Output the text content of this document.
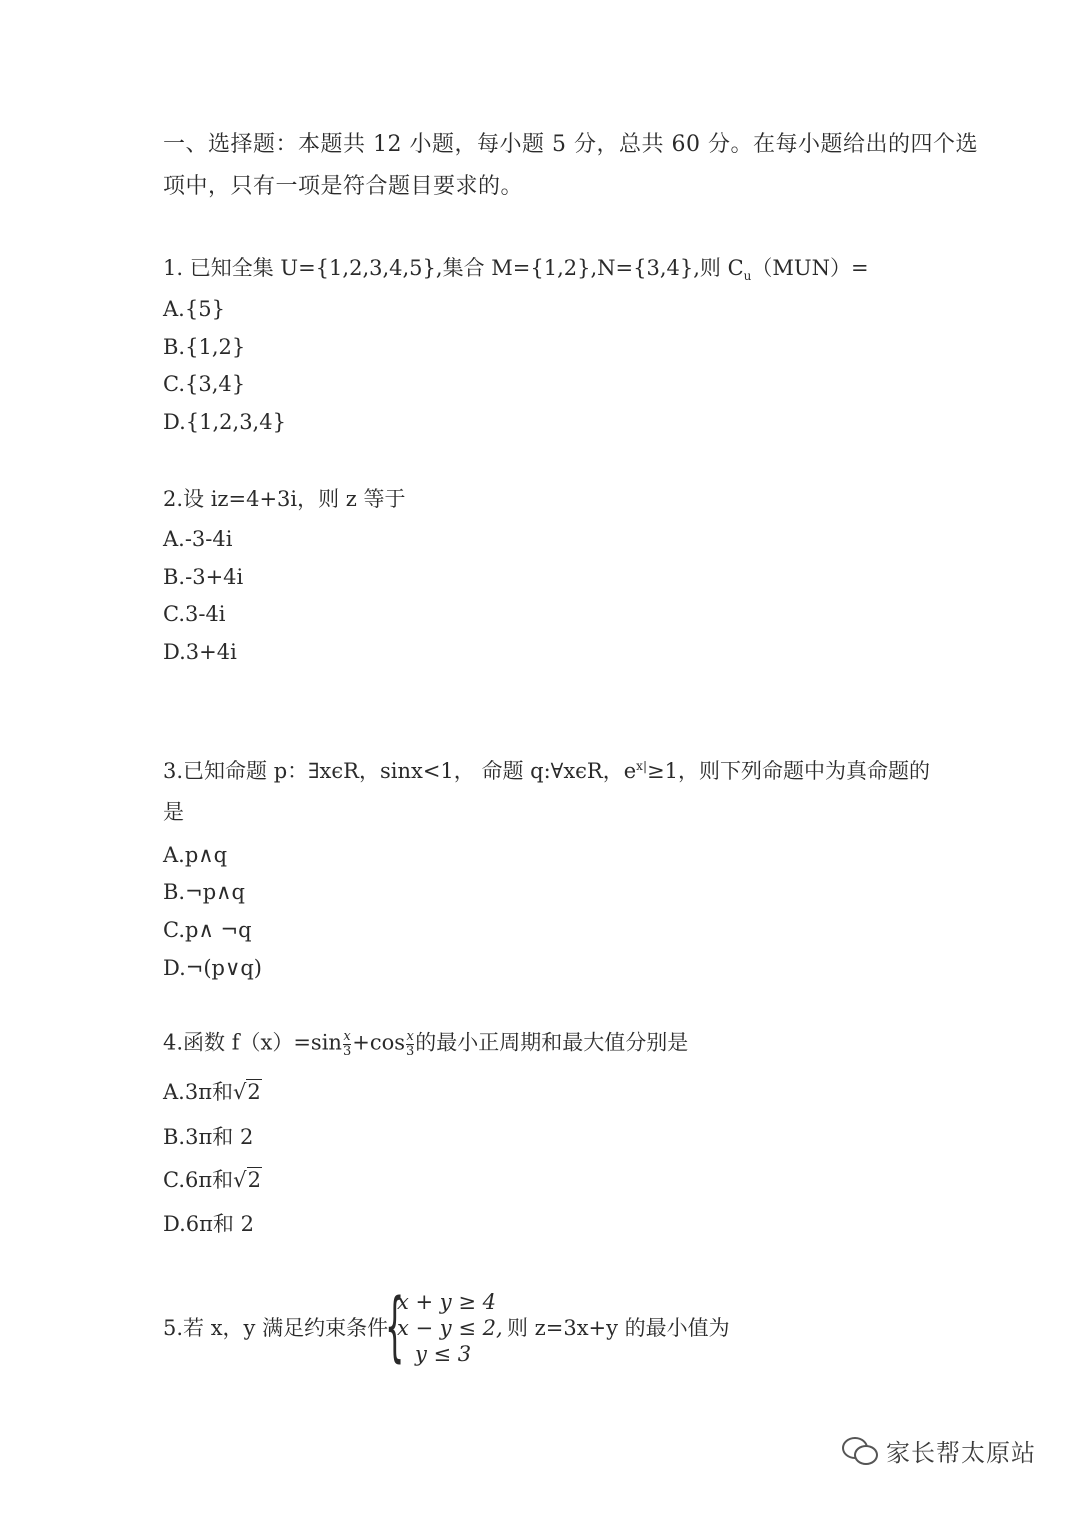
一、选择题：本题共 12 小题，每小题 5 分，总共 60 分。在每小题给出的四个选
项中，只有一项是符合题目要求的。
1. 已知全集 U={1,2,3,4,5},集合 M={1,2},N={3,4},则 $C_u(MUN)=$
A.{5}
B.{1,2}
C.{3,4}
D.{1,2,3,4}
2.设 iz=4+3i，则 z 等于
A.-3-4i
B.-3+4i
C.3-4i
D.3+4i
3.已知命题 p：∃xϵR，sinx<1， 命题 q:∀xϵR，$e^{x|}\ge 1$，则下列命题中为真命题的
是
A.p∧q
B.¬p∧q
C.p∧ ¬q
D.¬(p∨q)
4.函数 $f(x)=\sin \frac{x}{3} +\cos \frac{x}{3}$ 的最小正周期和最大值分别是
A.3π和√2
B.3π和 2
C.6π和√2
D.6π和 2
5.若 x，y 满足约束条件
{
x + y ≥ 4
x − y ≤ 2,
y ≤ 3
则 z=3x+y 的最小值为
家长帮太原站
